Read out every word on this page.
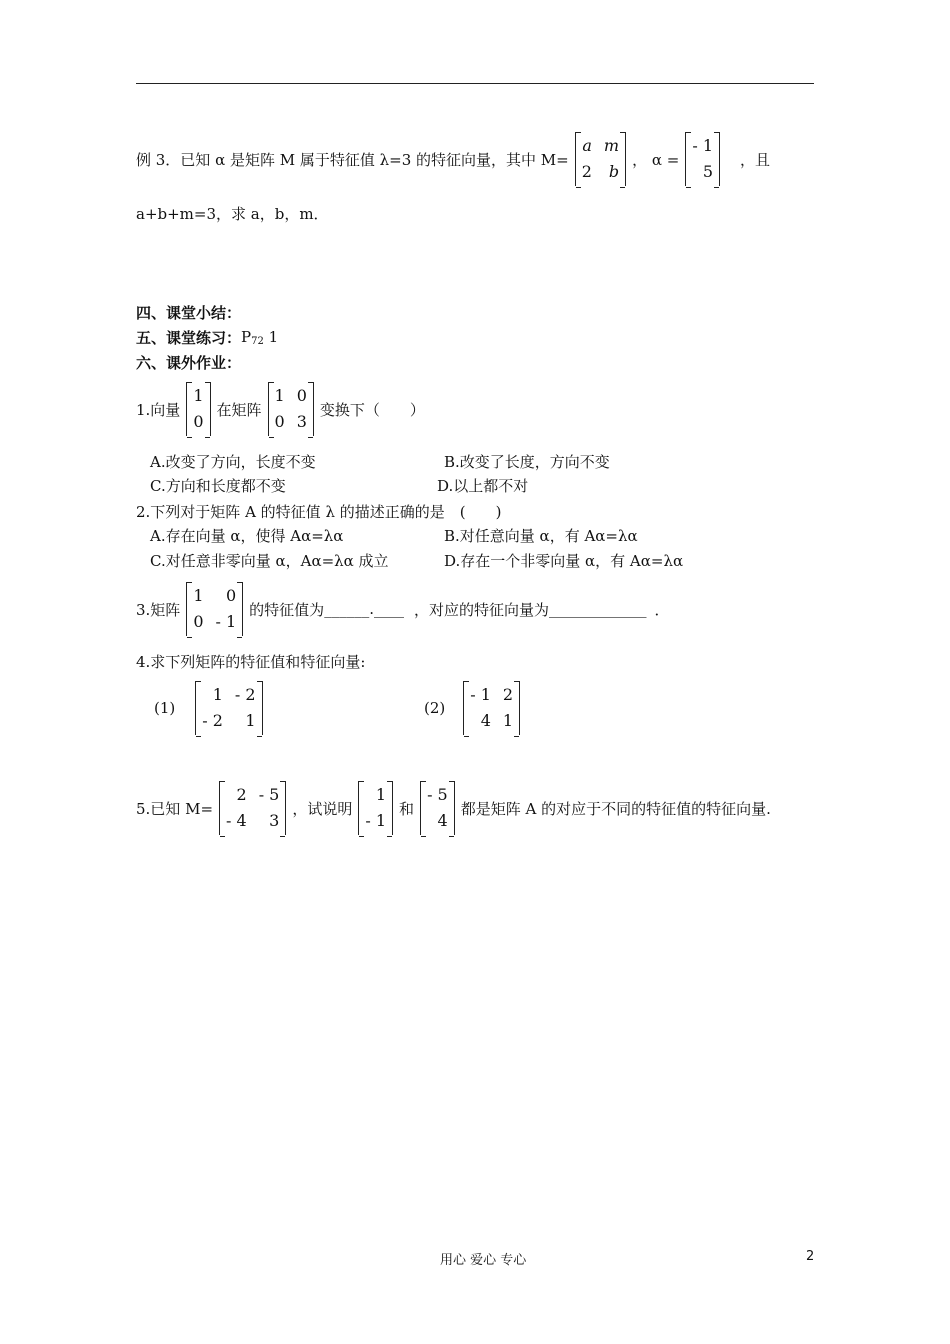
例 3．已知 α 是矩阵 M 属于特征值 λ=3 的特征向量，其中 M=
a m
2	b
， α =
- 1
5
，且
a+b+m=3，求 a，b，m．
四、课堂小结：
五、课堂练习： $P_{72}$ 1
六、课外作业：
1.向量
1
0
在矩阵
1 0
0 3
变换下（　　）
A.改变了方向，长度不变	B.改变了长度，方向不变
C.方向和长度都不变	D.以上都不对
2.下列对于矩阵 A 的特征值 λ 的描述正确的是　(　　)
A.存在向量 α，使得 Aα=λα	B.对任意向量 α，有 Aα=λα
C.对任意非零向量 α，Aα=λα 成立	D.存在一个非零向量 α，有 Aα=λα
3.矩阵
1	0
0 - 1
的特征值为 ______.____ ，对应的特征向量为 _____________ ．
4.求下列矩阵的特征值和特征向量:
(1)
1 - 2
- 2	1
(2)
- 1 2
4 1
5.已知 M=
2 - 5
- 4	3
，试说明
1
- 1
和
- 5
4
都是矩阵 A 的对应于不同的特征值的特征向量.
用心 爱心 专心	2
